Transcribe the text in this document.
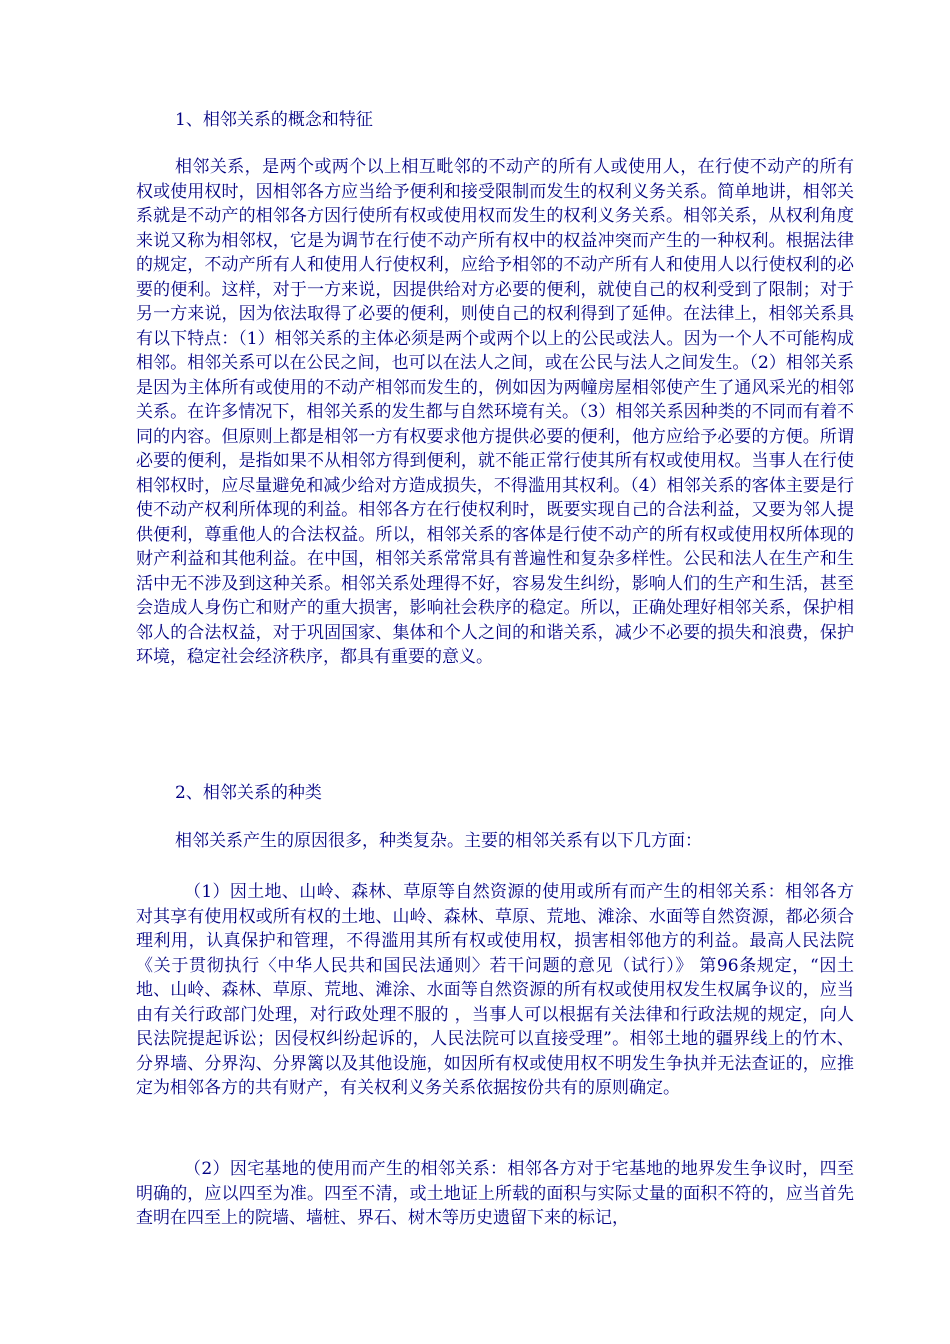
1、相邻关系的概念和特征

相邻关系，是两个或两个以上相互毗邻的不动产的所有人或使用人，在行使不动产的所有权或使用权时，因相邻各方应当给予便利和接受限制而发生的权利义务关系。简单地讲，相邻关系就是不动产的相邻各方因行使所有权或使用权而发生的权利义务关系。相邻关系，从权利角度来说又称为相邻权，它是为调节在行使不动产所有权中的权益冲突而产生的一种权利。根据法律的规定，不动产所有人和使用人行使权利，应给予相邻的不动产所有人和使用人以行使权利的必要的便利。这样，对于一方来说，因提供给对方必要的便利，就使自己的权利受到了限制；对于另一方来说，因为依法取得了必要的便利，则使自己的权利得到了延伸。在法律上，相邻关系具有以下特点：（1）相邻关系的主体必须是两个或两个以上的公民或法人。因为一个人不可能构成相邻。相邻关系可以在公民之间，也可以在法人之间，或在公民与法人之间发生。（2）相邻关系是因为主体所有或使用的不动产相邻而发生的，例如因为两幢房屋相邻使产生了通风采光的相邻关系。在许多情况下，相邻关系的发生都与自然环境有关。（3）相邻关系因种类的不同而有着不同的内容。但原则上都是相邻一方有权要求他方提供必要的便利，他方应给予必要的方便。所谓必要的便利，是指如果不从相邻方得到便利，就不能正常行使其所有权或使用权。当事人在行使相邻权时，应尽量避免和减少给对方造成损失，不得滥用其权利。（4）相邻关系的客体主要是行使不动产权利所体现的利益。相邻各方在行使权利时，既要实现自己的合法利益，又要为邻人提供便利，尊重他人的合法权益。所以，相邻关系的客体是行使不动产的所有权或使用权所体现的财产利益和其他利益。在中国，相邻关系常常具有普遍性和复杂多样性。公民和法人在生产和生活中无不涉及到这种关系。相邻关系处理得不好，容易发生纠纷，影响人们的生产和生活，甚至会造成人身伤亡和财产的重大损害，影响社会秩序的稳定。所以，正确处理好相邻关系，保护相邻人的合法权益，对于巩固国家、集体和个人之间的和谐关系，减少不必要的损失和浪费，保护环境，稳定社会经济秩序，都具有重要的意义。

2、相邻关系的种类

相邻关系产生的原因很多，种类复杂。主要的相邻关系有以下几方面：

（1）因土地、山岭、森林、草原等自然资源的使用或所有而产生的相邻关系：相邻各方对其享有使用权或所有权的土地、山岭、森林、草原、荒地、滩涂、水面等自然资源，都必须合理利用，认真保护和管理，不得滥用其所有权或使用权，损害相邻他方的利益。最高人民法院《关于贯彻执行〈中华人民共和国民法通则〉若干问题的意见（试行）》 第96条规定，“因土地、山岭、森林、草原、荒地、滩涂、水面等自然资源的所有权或使用权发生权属争议的，应当由有关行政部门处理，对行政处理不服的 ，当事人可以根据有关法律和行政法规的规定，向人民法院提起诉讼；因侵权纠纷起诉的，人民法院可以直接受理”。相邻土地的疆界线上的竹木、分界墙、分界沟、分界篱以及其他设施，如因所有权或使用权不明发生争执并无法查证的，应推定为相邻各方的共有财产，有关权利义务关系依据按份共有的原则确定。

（2）因宅基地的使用而产生的相邻关系：相邻各方对于宅基地的地界发生争议时，四至明确的，应以四至为准。四至不清，或土地证上所载的面积与实际丈量的面积不符的，应当首先查明在四至上的院墙、墙桩、界石、树木等历史遗留下来的标记，
